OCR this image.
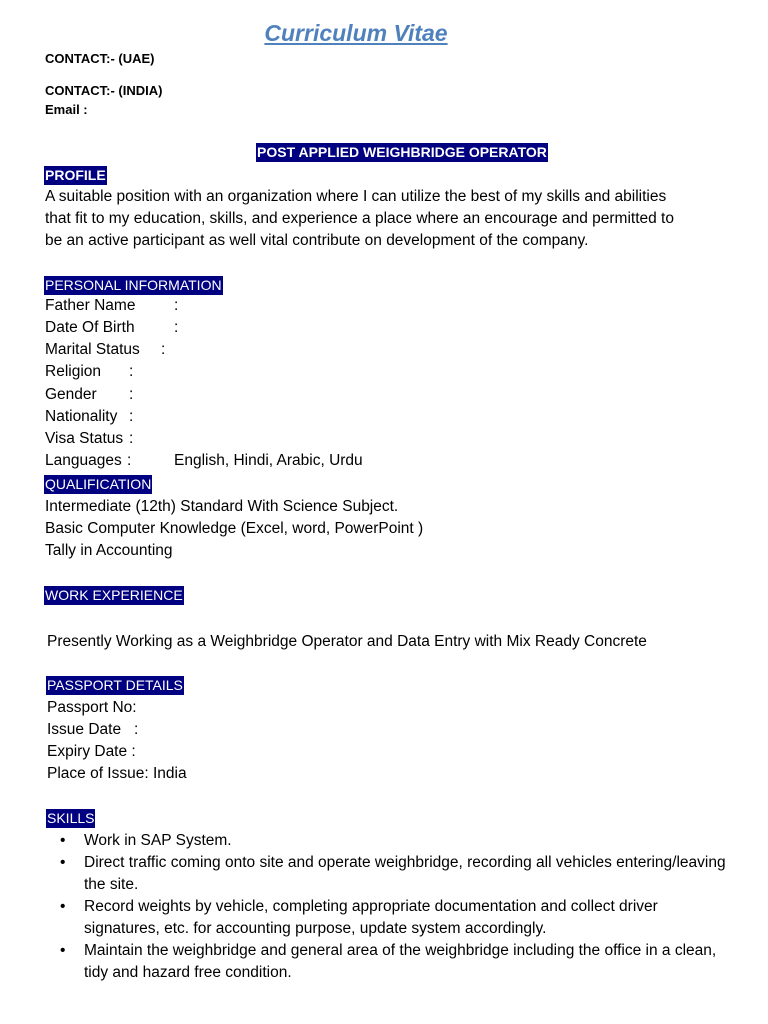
Curriculum Vitae
CONTACT:- (UAE)
CONTACT:- (INDIA)
Email :
POST APPLIED WEIGHBRIDGE OPERATOR
PROFILE
A suitable position with an organization where I can utilize the best of my skills and abilities
that fit to my education, skills, and experience a place where an encourage and permitted to
be an active participant as well vital contribute on development of the company.
PERSONAL INFORMATION
Father Name :
Date Of Birth	:
Marital Status :
Religion :
Gender :
Nationality :
Visa Status :
Languages :	English, Hindi, Arabic, Urdu
QUALIFICATION
Intermediate (12th) Standard With Science Subject.
Basic Computer Knowledge (Excel, word, PowerPoint )
Tally in Accounting
WORK EXPERIENCE
Presently Working as a Weighbridge Operator and Data Entry with Mix Ready Concrete
PASSPORT DETAILS
Passport No:
Issue Date   :
Expiry Date :
Place of Issue: India
SKILLS
• Work in SAP System.
• Direct traffic coming onto site and operate weighbridge, recording all vehicles entering/leaving the site.
• Record weights by vehicle, completing appropriate documentation and collect driver signatures, etc. for accounting purpose, update system accordingly.
• Maintain the weighbridge and general area of the weighbridge including the office in a clean, tidy and hazard free condition.
